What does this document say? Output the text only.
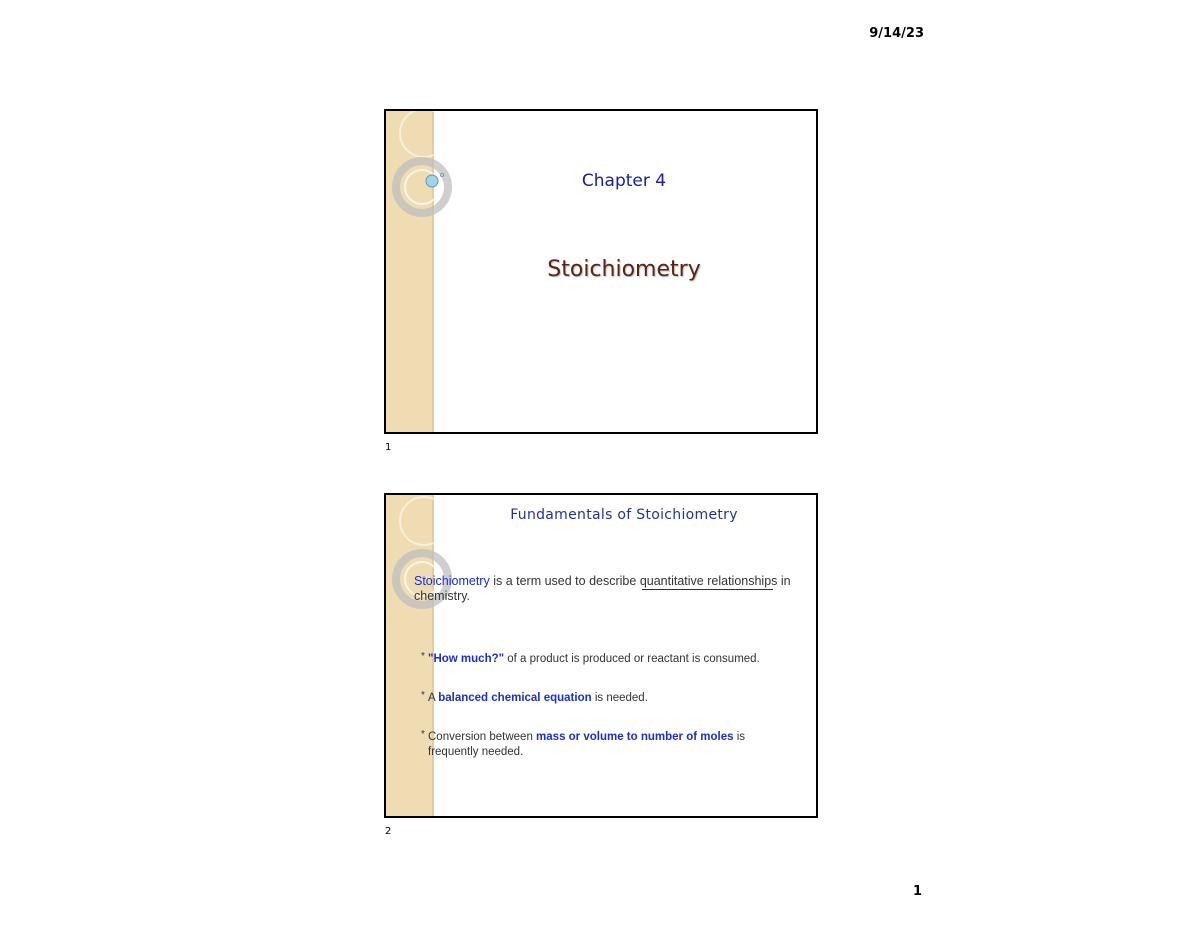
9/14/23
Chapter 4
Stoichiometry
1
Fundamentals of Stoichiometry
Stoichiometry is a term used to describe quantitative relationships
in chemistry.
* "How much?" of a product is produced or reactant is consumed.
* A balanced chemical equation is needed.
* Conversion between mass or volume to number of moles is frequently needed.
2
1
